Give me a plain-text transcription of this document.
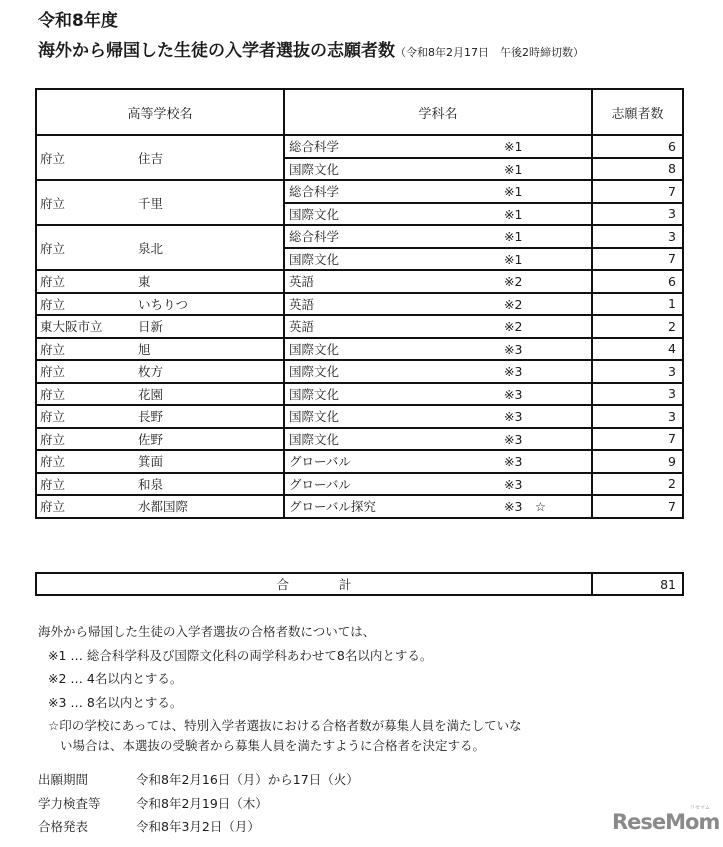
令和8年度
海外から帰国した生徒の入学者選抜の志願者数（令和8年2月17日　午後2時締切数）
高等学校名	学科名	志願者数
府立 住吉	総合科学 ※1	6
	国際文化 ※1	8
府立 千里	総合科学 ※1	7
	国際文化 ※1	3
府立 泉北	総合科学 ※1	3
	国際文化 ※1	7
府立 東	英語 ※2	6
府立 いちりつ	英語 ※2	1
東大阪市立 日新	英語 ※2	2
府立 旭	国際文化 ※3	4
府立 枚方	国際文化 ※3	3
府立 花園	国際文化 ※3	3
府立 長野	国際文化 ※3	3
府立 佐野	国際文化 ※3	7
府立 箕面	グローバル ※3	9
府立 和泉	グローバル ※3	2
府立 水都国際	グローバル探究 ※3　☆	7
合	計	81
海外から帰国した生徒の入学者選抜の合格者数については、
※1 … 総合科学科及び国際文化科の両学科あわせて8名以内とする。
※2 … 4名以内とする。
※3 … 8名以内とする。
☆印の学校にあっては、特別入学者選抜における合格者数が募集人員を満たしていな
い場合は、本選抜の受験者から募集人員を満たすように合格者を決定する。
出願期間	令和8年2月16日（月）から17日（火）
学力検査等	令和8年2月19日（木）
合格発表	令和8年3月2日（月）	ReseMom
リセマム
